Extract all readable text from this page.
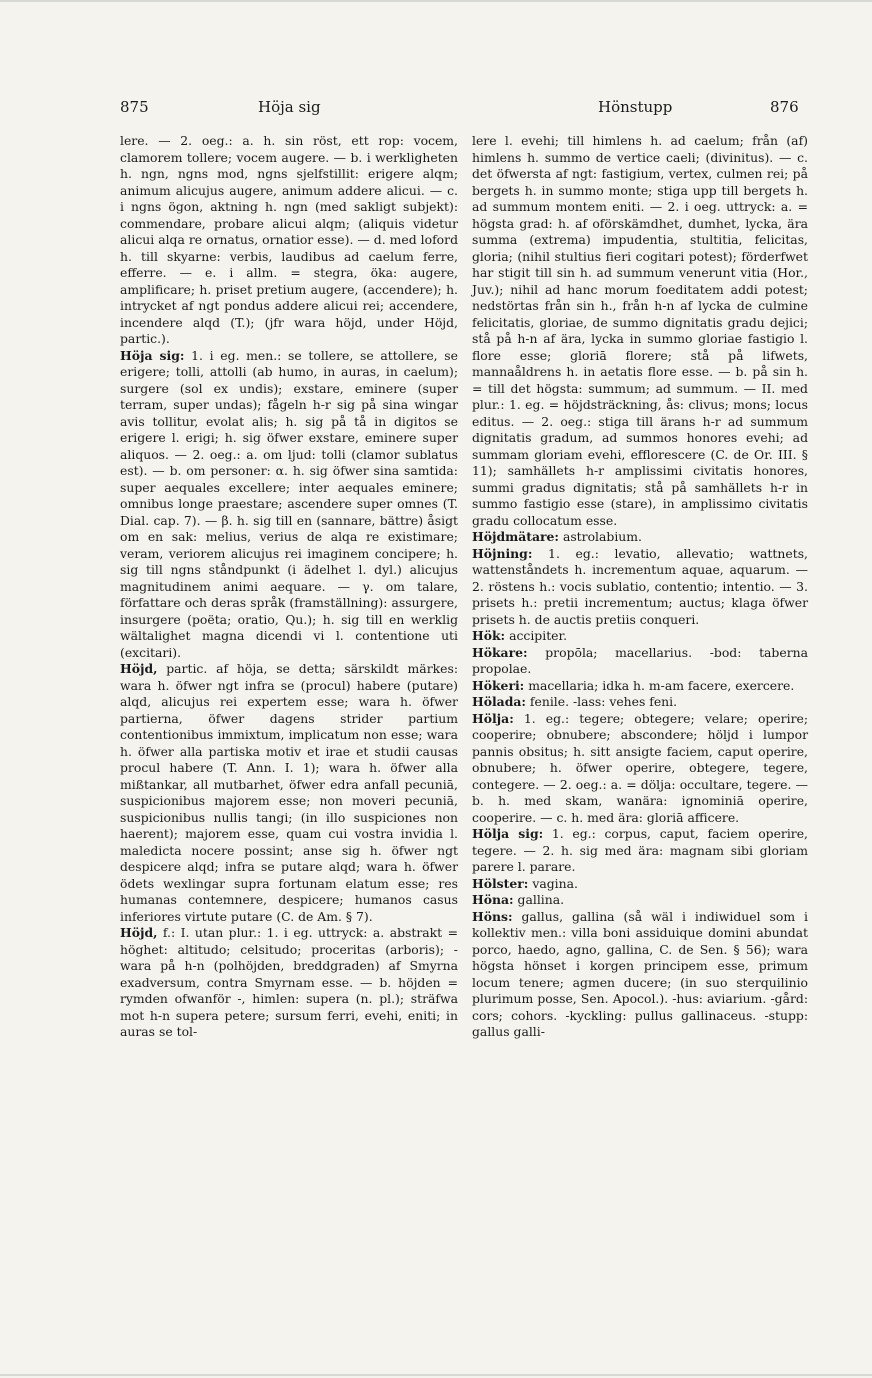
875	Höja sig	Hönstupp	876

lere. — 2. oeg.: a. h. sin röst, ett rop: vocem, clamorem tollere; vocem augere. — b. i werkligheten h. ngn, ngns mod, ngns sjelfstillit: erigere alqm; animum alicujus augere, animum addere alicui. — c. i ngns ögon, aktning h. ngn (med sakligt subjekt): commendare, probare alicui alqm; (aliquis videtur alicui alqa re ornatus, ornatior esse). — d. med loford h. till skyarne: verbis, laudibus ad caelum ferre, efferre. — e. i allm. = stegra, öka: augere, amplificare; h. priset pretium augere, (accendere); h. intrycket af ngt pondus addere alicui rei; accendere, incendere alqd (T.); (jfr wara höjd, under Höjd, partic.).

Höja sig: 1. i eg. men.: se tollere, se attollere, se erigere; tolli, attolli (ab humo, in auras, in caelum); surgere (sol ex undis); exstare, eminere (super terram, super undas); fågeln h-r sig på sina wingar avis tollitur, evolat alis; h. sig på tå in digitos se erigere l. erigi; h. sig öfwer exstare, eminere super aliquos. — 2. oeg.: a. om ljud: tolli (clamor sublatus est). — b. om personer: α. h. sig öfwer sina samtida: super aequales excellere; inter aequales eminere; omnibus longe praestare; ascendere super omnes (T. Dial. cap. 7). — β. h. sig till en (sannare, bättre) åsigt om en sak: melius, verius de alqa re existimare; veram, veriorem alicujus rei imaginem concipere; h. sig till ngns ståndpunkt (i ädelhet l. dyl.) alicujus magnitudinem animi aequare. — γ. om talare, författare och deras språk (framställning): assurgere, insurgere (poëta; oratio, Qu.); h. sig till en werklig wältalighet magna dicendi vi l. contentione uti (excitari).

Höjd, partic. af höja, se detta; särskildt märkes: wara h. öfwer ngt infra se (procul) habere (putare) alqd, alicujus rei expertem esse; wara h. öfwer partierna, öfwer dagens strider partium contentionibus immixtum, implicatum non esse; wara h. öfwer alla partiska motiv et irae et studii causas procul habere (T. Ann. I. 1); wara h. öfwer alla mißtankar, all mutbarhet, öfwer edra anfall pecuniā, suspicionibus majorem esse; non moveri pecuniā, suspicionibus nullis tangi; (in illo suspiciones non haerent); majorem esse, quam cui vostra invidia l. maledicta nocere possint; anse sig h. öfwer ngt despicere alqd; infra se putare alqd; wara h. öfwer ödets wexlingar supra fortunam elatum esse; res humanas contemnere, despicere; humanos casus inferiores virtute putare (C. de Am. § 7).

Höjd, f.: I. utan plur.: 1. i eg. uttryck: a. abstrakt = höghet: altitudo; celsitudo; proceritas (arboris); - wara på h-n (polhöjden, breddgraden) af Smyrna exadversum, contra Smyrnam esse. — b. höjden = rymden ofwanför -, himlen: supera (n. pl.); sträfwa mot h-n supera petere; sursum ferri, evehi, eniti; in auras se tol-

lere l. evehi; till himlens h. ad caelum; från (af) himlens h. summo de vertice caeli; (divinitus). — c. det öfwersta af ngt: fastigium, vertex, culmen rei; på bergets h. in summo monte; stiga upp till bergets h. ad summum montem eniti. — 2. i oeg. uttryck: a. = högsta grad: h. af oförskämdhet, dumhet, lycka, ära summa (extrema) impudentia, stultitia, felicitas, gloria; (nihil stultius fieri cogitari potest); förderfwet har stigit till sin h. ad summum venerunt vitia (Hor., Juv.); nihil ad hanc morum foeditatem addi potest; nedstörtas från sin h., från h-n af lycka de culmine felicitatis, gloriae, de summo dignitatis gradu dejici; stå på h-n af ära, lycka in summo gloriae fastigio l. flore esse; gloriā florere; stå på lifwets, mannaåldrens h. in aetatis flore esse. — b. på sin h. = till det högsta: summum; ad summum. — II. med plur.: 1. eg. = höjdsträckning, ås: clivus; mons; locus editus. — 2. oeg.: stiga till ärans h-r ad summum dignitatis gradum, ad summos honores evehi; ad summam gloriam evehi, efflorescere (C. de Or. III. § 11); samhällets h-r amplissimi civitatis honores, summi gradus dignitatis; stå på samhällets h-r in summo fastigio esse (stare), in amplissimo civitatis gradu collocatum esse.

Höjdmätare: astrolabium.

Höjning: 1. eg.: levatio, allevatio; wattnets, wattenståndets h. incrementum aquae, aquarum. — 2. röstens h.: vocis sublatio, contentio; intentio. — 3. prisets h.: pretii incrementum; auctus; klaga öfwer prisets h. de auctis pretiis conqueri.

Hök: accipiter.

Hökare: propōla; macellarius. -bod: taberna propolae.

Hökeri: macellaria; idka h. m-am facere, exercere.

Hölada: fenile. -lass: vehes feni.

Hölja: 1. eg.: tegere; obtegere; velare; operire; cooperire; obnubere; abscondere; höljd i lumpor pannis obsitus; h. sitt ansigte faciem, caput operire, obnubere; h. öfwer operire, obtegere, tegere, contegere. — 2. oeg.: a. = dölja: occultare, tegere. — b. h. med skam, wanära: ignominiā operire, cooperire. — c. h. med ära: gloriā afficere.

Hölja sig: 1. eg.: corpus, caput, faciem operire, tegere. — 2. h. sig med ära: magnam sibi gloriam parere l. parare.

Hölster: vagina.

Höna: gallina.

Höns: gallus, gallina (så wäl i indiwiduel som i kollektiv men.: villa boni assiduique domini abundat porco, haedo, agno, gallina, C. de Sen. § 56); wara högsta hönset i korgen principem esse, primum locum tenere; agmen ducere; (in suo sterquilinio plurimum posse, Sen. Apocol.). -hus: aviarium. -gård: cors; cohors. -kyckling: pullus gallinaceus. -stupp: gallus galli-
